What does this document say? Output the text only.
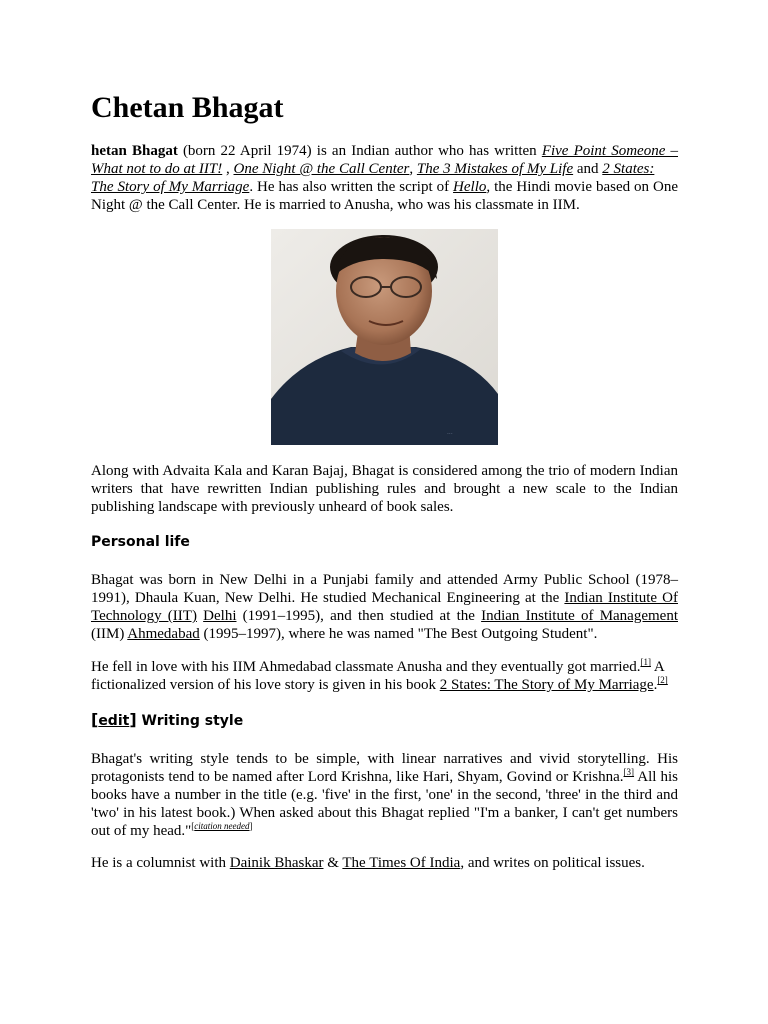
Chetan Bhagat
hetan Bhagat (born 22 April 1974) is an Indian author who has written Five Point Someone –
What not to do at IIT! , One Night @ the Call Center, The 3 Mistakes of My Life and 2 States:
The Story of My Marriage. He has also written the script of Hello, the Hindi movie based on One
Night @ the Call Center. He is married to Anusha, who was his classmate in IIM.
...
Along with Advaita Kala and Karan Bajaj, Bhagat is considered among the trio of modern Indian
writers that have rewritten Indian publishing rules and brought a new scale to the Indian
publishing landscape with previously unheard of book sales.
Personal life
Bhagat was born in New Delhi in a Punjabi family and attended Army Public School (1978–
1991), Dhaula Kuan, New Delhi. He studied Mechanical Engineering at the Indian Institute Of
Technology (IIT) Delhi (1991–1995), and then studied at the Indian Institute of Management
(IIM) Ahmedabad (1995–1997), where he was named "The Best Outgoing Student".
He fell in love with his IIM Ahmedabad classmate Anusha and they eventually got married.[1] A
fictionalized version of his love story is given in his book 2 States: The Story of My Marriage.[2]
[edit] Writing style
Bhagat's writing style tends to be simple, with linear narratives and vivid storytelling. His
protagonists tend to be named after Lord Krishna, like Hari, Shyam, Govind or Krishna.[3] All his
books have a number in the title (e.g. 'five' in the first, 'one' in the second, 'three' in the third and
'two' in his latest book.) When asked about this Bhagat replied "I'm a banker, I can't get numbers
out of my head."[citation needed]
He is a columnist with Dainik Bhaskar & The Times Of India, and writes on political issues.
